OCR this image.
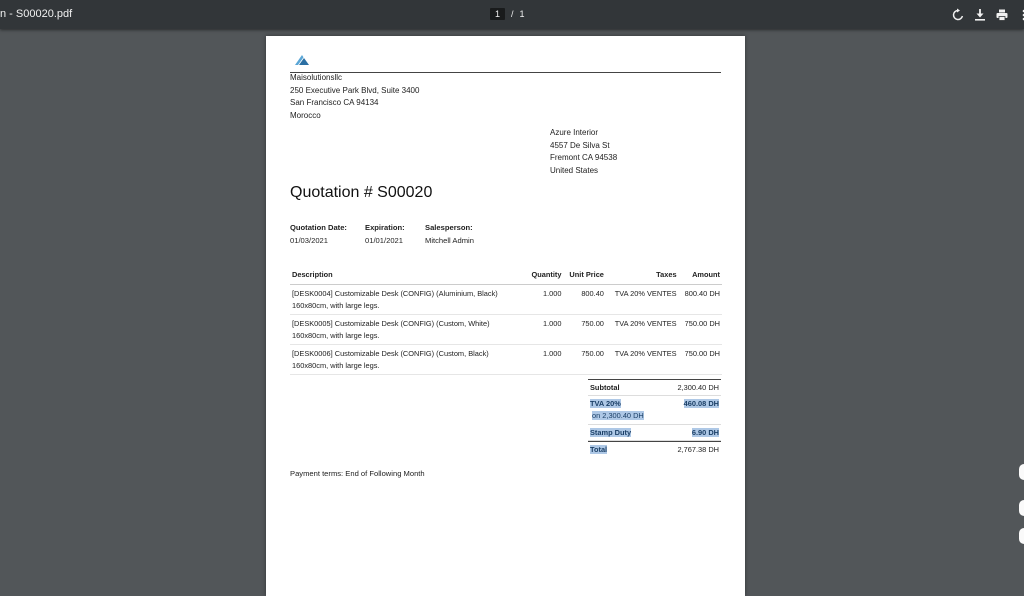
n - S00020.pdf	1	/ 1
Maisolutionsllc
250 Executive Park Blvd, Suite 3400
San Francisco CA 94134
Morocco
Azure Interior
4557 De Silva St
Fremont CA 94538
United States
Quotation # S00020
Quotation Date:
01/03/2021
Expiration:
01/01/2021
Salesperson:
Mitchell Admin
Description	Quantity	Unit Price	Taxes	Amount
[DESK0004] Customizable Desk (CONFIG) (Aluminium, Black) 160x80cm, with large legs.	1.000	800.40	TVA 20% VENTES	800.40 DH
[DESK0005] Customizable Desk (CONFIG) (Custom, White) 160x80cm, with large legs.	1.000	750.00	TVA 20% VENTES	750.00 DH
[DESK0006] Customizable Desk (CONFIG) (Custom, Black) 160x80cm, with large legs.	1.000	750.00	TVA 20% VENTES	750.00 DH
Subtotal	2,300.40 DH
TVA 20%	460.08 DH
on 2,300.40 DH
Stamp Duty	6.90 DH
Total	2,767.38 DH
Payment terms: End of Following Month
